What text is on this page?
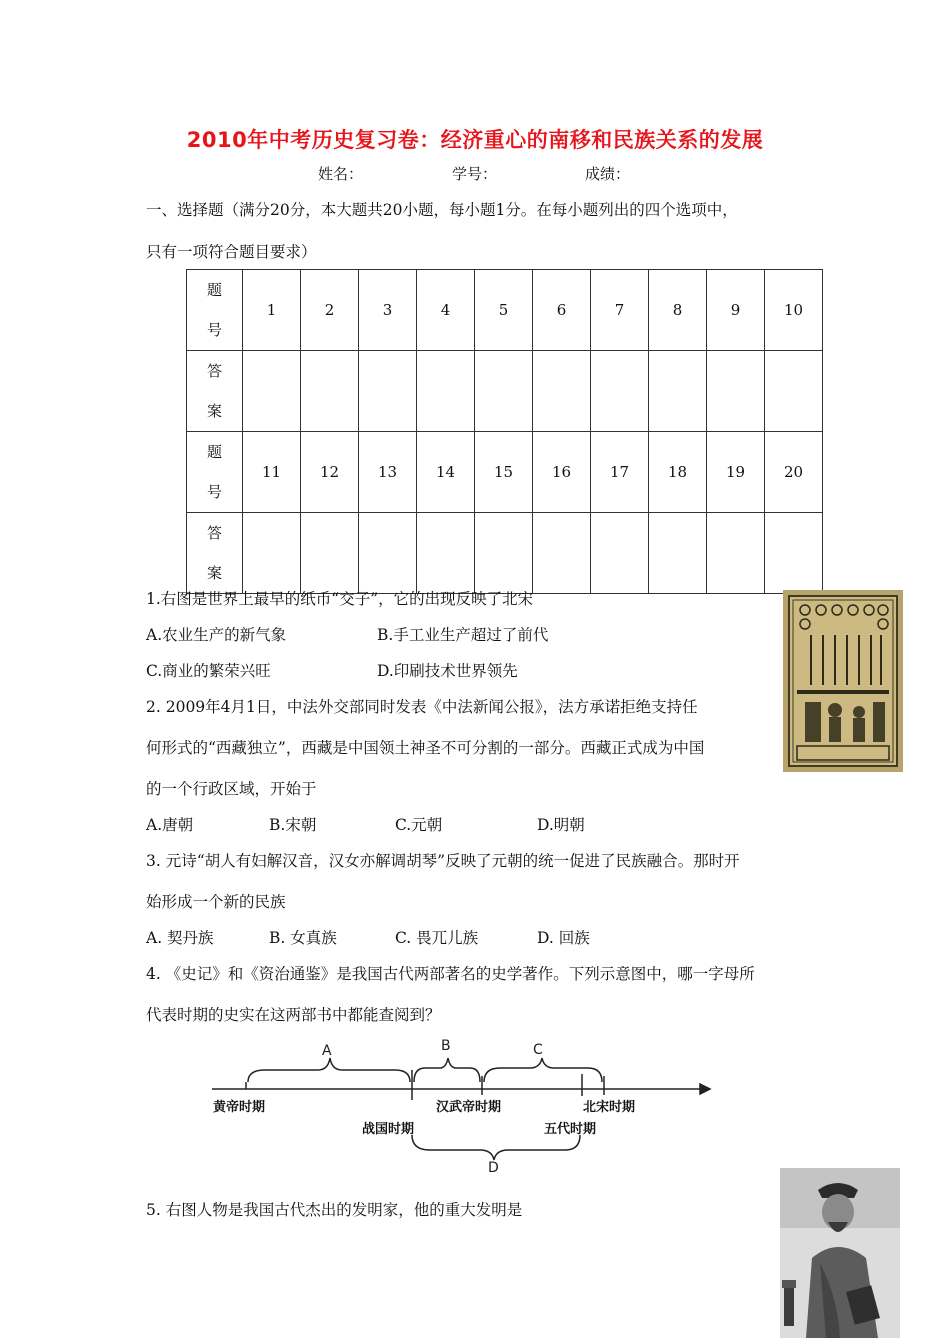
2010年中考历史复习卷：经济重心的南移和民族关系的发展
姓名：	学号：	成绩：
一、选择题（满分20分，本大题共20小题，每小题1分。在每小题列出的四个选项中，
只有一项符合题目要求）
题
号	1	2	3	4	5	6	7	8	9	10
答
案										
题
号	11	12	13	14	15	16	17	18	19	20
答
案										
1.右图是世界上最早的纸币“交子”，它的出现反映了北宋
A.农业生产的新气象	B.手工业生产超过了前代
C.商业的繁荣兴旺	D.印刷技术世界领先
2. 2009年4月1日，中法外交部同时发表《中法新闻公报》，法方承诺拒绝支持任
何形式的“西藏独立”，西藏是中国领土神圣不可分割的一部分。西藏正式成为中国
的一个行政区域，开始于
A.唐朝	B.宋朝	C.元朝	D.明朝
3. 元诗“胡人有妇解汉音，汉女亦解调胡琴”反映了元朝的统一促进了民族融合。那时开
始形成一个新的民族
A. 契丹族	B. 女真族	C. 畏兀儿族	D. 回族
4. 《史记》和《资治通鉴》是我国古代两部著名的史学著作。下列示意图中，哪一字母所
代表时期的史实在这两部书中都能查阅到？
A	B	C
D
黄帝时期
战国时期
汉武帝时期
五代时期
北宋时期
5. 右图人物是我国古代杰出的发明家，他的重大发明是
